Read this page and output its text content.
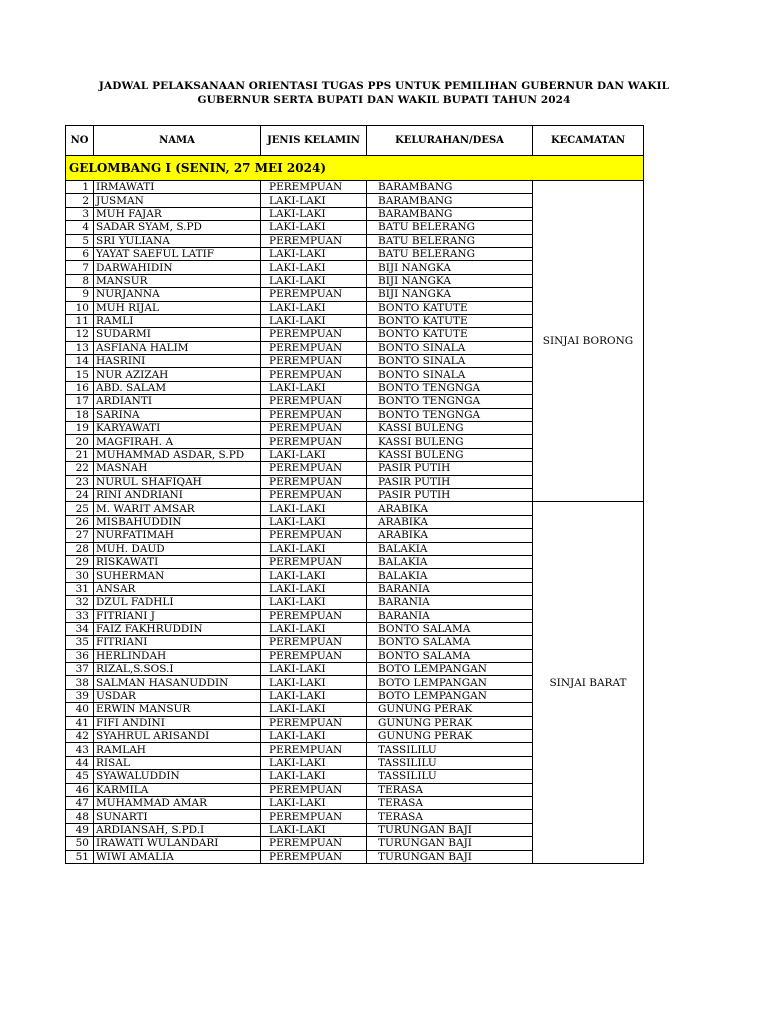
JADWAL PELAKSANAAN ORIENTASI TUGAS PPS UNTUK PEMILIHAN GUBERNUR DAN WAKIL
GUBERNUR SERTA BUPATI DAN WAKIL BUPATI TAHUN 2024
NO	NAMA	JENIS KELAMIN	KELURAHAN/DESA	KECAMATAN
GELOMBANG I (SENIN, 27 MEI 2024)				
1	IRMAWATI	PEREMPUAN	BARAMBANG	SINJAI BORONG
2	JUSMAN	LAKI-LAKI	BARAMBANG	
3	MUH FAJAR	LAKI-LAKI	BARAMBANG	
4	SADAR SYAM, S.PD	LAKI-LAKI	BATU BELERANG	
5	SRI YULIANA	PEREMPUAN	BATU BELERANG	
6	YAYAT SAEFUL LATIF	LAKI-LAKI	BATU BELERANG	
7	DARWAHIDIN	LAKI-LAKI	BIJI NANGKA	
8	MANSUR	LAKI-LAKI	BIJI NANGKA	
9	NURJANNA	PEREMPUAN	BIJI NANGKA	
10	MUH RIJAL	LAKI-LAKI	BONTO KATUTE	
11	RAMLI	LAKI-LAKI	BONTO KATUTE	
12	SUDARMI	PEREMPUAN	BONTO KATUTE	
13	ASFIANA HALIM	PEREMPUAN	BONTO SINALA	
14	HASRINI	PEREMPUAN	BONTO SINALA	
15	NUR AZIZAH	PEREMPUAN	BONTO SINALA	
16	ABD. SALAM	LAKI-LAKI	BONTO TENGNGA	
17	ARDIANTI	PEREMPUAN	BONTO TENGNGA	
18	SARINA	PEREMPUAN	BONTO TENGNGA	
19	KARYAWATI	PEREMPUAN	KASSI BULENG	
20	MAGFIRAH. A	PEREMPUAN	KASSI BULENG	
21	MUHAMMAD ASDAR, S.PD	LAKI-LAKI	KASSI BULENG	
22	MASNAH	PEREMPUAN	PASIR PUTIH	
23	NURUL SHAFIQAH	PEREMPUAN	PASIR PUTIH	
24	RINI ANDRIANI	PEREMPUAN	PASIR PUTIH	
25	M. WARIT AMSAR	LAKI-LAKI	ARABIKA	SINJAI BARAT
26	MISBAHUDDIN	LAKI-LAKI	ARABIKA	
27	NURFATIMAH	PEREMPUAN	ARABIKA	
28	MUH. DAUD	LAKI-LAKI	BALAKIA	
29	RISKAWATI	PEREMPUAN	BALAKIA	
30	SUHERMAN	LAKI-LAKI	BALAKIA	
31	ANSAR	LAKI-LAKI	BARANIA	
32	DZUL FADHLI	LAKI-LAKI	BARANIA	
33	FITRIANI J	PEREMPUAN	BARANIA	
34	FAIZ FAKHRUDDIN	LAKI-LAKI	BONTO SALAMA	
35	FITRIANI	PEREMPUAN	BONTO SALAMA	
36	HERLINDAH	PEREMPUAN	BONTO SALAMA	
37	RIZAL,S.SOS.I	LAKI-LAKI	BOTO LEMPANGAN	
38	SALMAN HASANUDDIN	LAKI-LAKI	BOTO LEMPANGAN	
39	USDAR	LAKI-LAKI	BOTO LEMPANGAN	
40	ERWIN MANSUR	LAKI-LAKI	GUNUNG PERAK	
41	FIFI ANDINI	PEREMPUAN	GUNUNG PERAK	
42	SYAHRUL ARISANDI	LAKI-LAKI	GUNUNG PERAK	
43	RAMLAH	PEREMPUAN	TASSILILU	
44	RISAL	LAKI-LAKI	TASSILILU	
45	SYAWALUDDIN	LAKI-LAKI	TASSILILU	
46	KARMILA	PEREMPUAN	TERASA	
47	MUHAMMAD AMAR	LAKI-LAKI	TERASA	
48	SUNARTI	PEREMPUAN	TERASA	
49	ARDIANSAH, S.PD.I	LAKI-LAKI	TURUNGAN BAJI	
50	IRAWATI WULANDARI	PEREMPUAN	TURUNGAN BAJI	
51	WIWI AMALIA	PEREMPUAN	TURUNGAN BAJI	
